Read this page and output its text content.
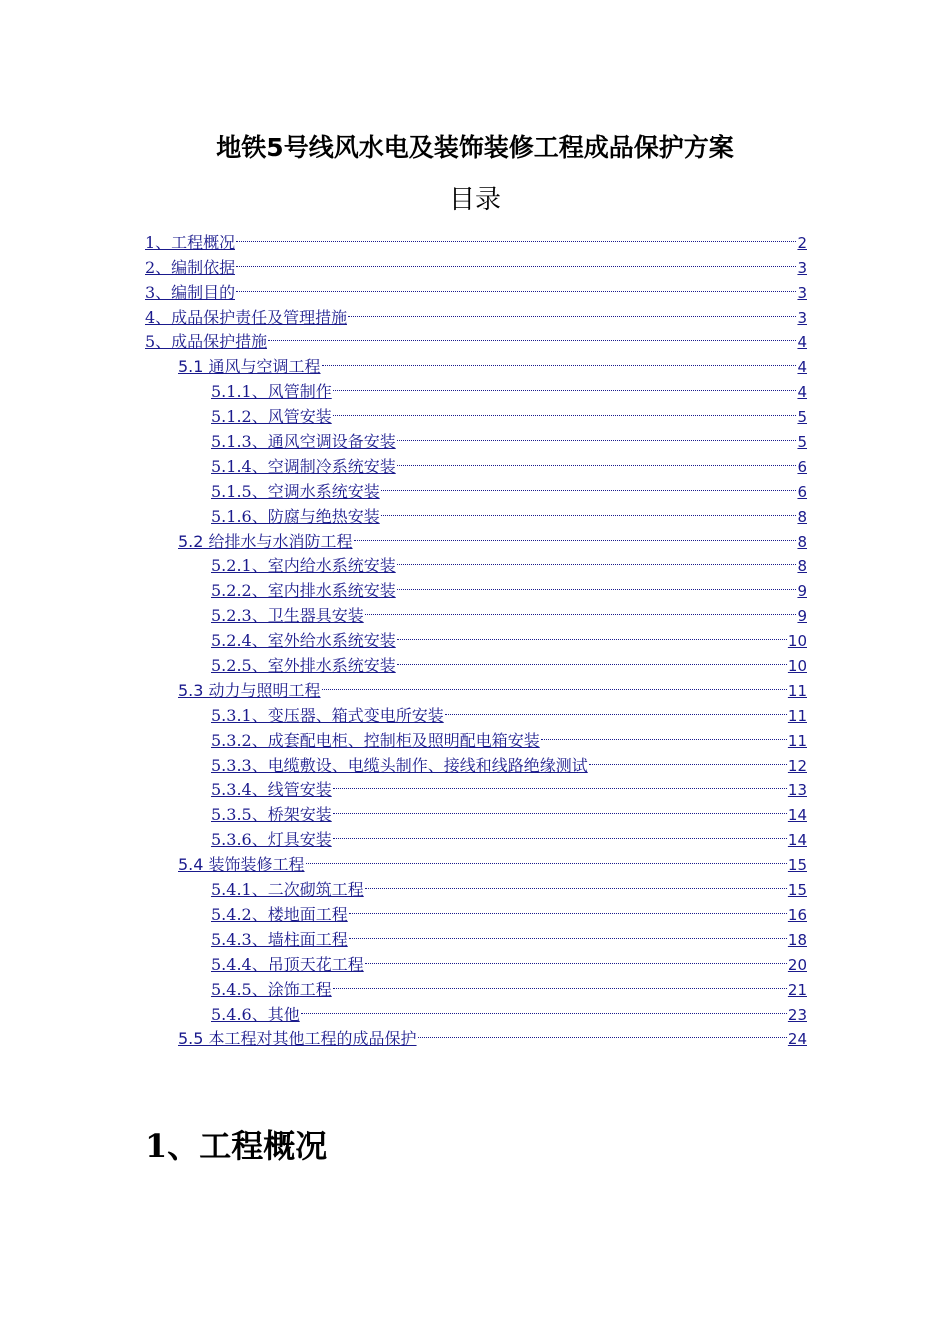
地铁5号线风水电及装饰装修工程成品保护方案
目录
1、工程概况	2
2、编制依据	3
3、编制目的	3
4、成品保护责任及管理措施	3
5、成品保护措施	4
5.1 通风与空调工程	4
5.1.1、风管制作	4
5.1.2、风管安装	5
5.1.3、通风空调设备安装	5
5.1.4、空调制冷系统安装	6
5.1.5、空调水系统安装	6
5.1.6、防腐与绝热安装	8
5.2 给排水与水消防工程	8
5.2.1、室内给水系统安装	8
5.2.2、室内排水系统安装	9
5.2.3、卫生器具安装	9
5.2.4、室外给水系统安装	10
5.2.5、室外排水系统安装	10
5.3 动力与照明工程	11
5.3.1、变压器、箱式变电所安装	11
5.3.2、成套配电柜、控制柜及照明配电箱安装	11
5.3.3、电缆敷设、电缆头制作、接线和线路绝缘测试	12
5.3.4、线管安装	13
5.3.5、桥架安装	14
5.3.6、灯具安装	14
5.4 装饰装修工程	15
5.4.1、二次砌筑工程	15
5.4.2、楼地面工程	16
5.4.3、墙柱面工程	18
5.4.4、吊顶天花工程	20
5.4.5、涂饰工程	21
5.4.6、其他	23
5.5 本工程对其他工程的成品保护	24
1、工程概况
